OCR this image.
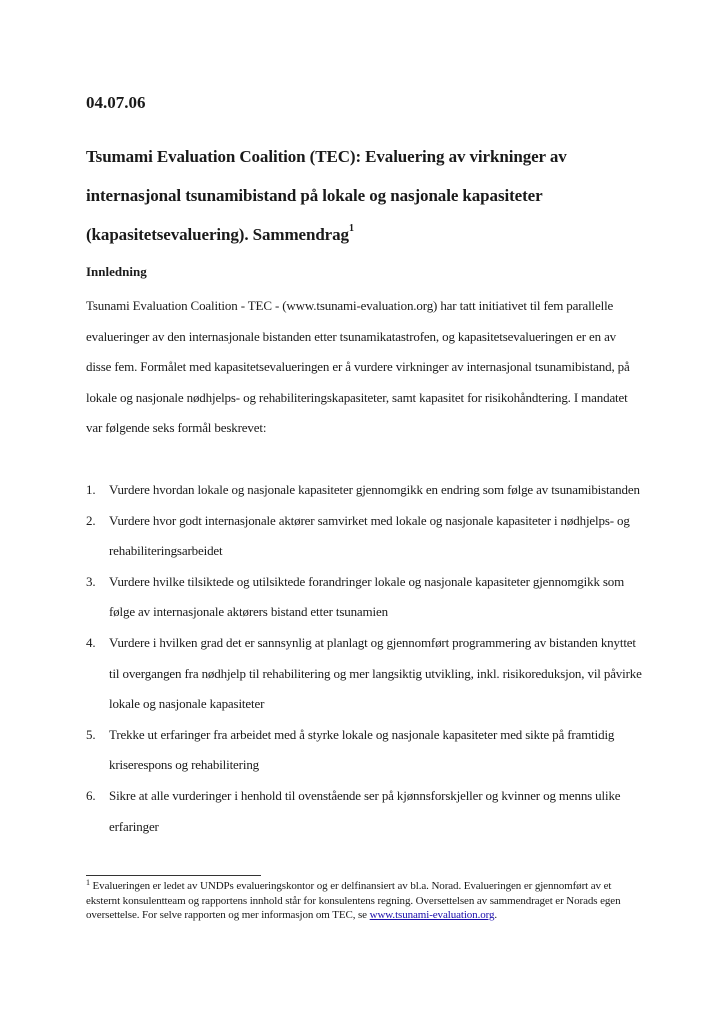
04.07.06
Tsumami Evaluation Coalition (TEC): Evaluering av virkninger av internasjonal tsunamibistand på lokale og nasjonale kapasiteter (kapasitetsevaluering). Sammendrag$^1$
Innledning

Tsunami Evaluation Coalition - TEC - (www.tsunami-evaluation.org) har tatt initiativet til fem parallelle evalueringer av den internasjonale bistanden etter tsunamikatastrofen, og kapasitetsevalueringen er en av disse fem. Formålet med kapasitetsevalueringen er å vurdere virkninger av internasjonal tsunamibistand, på lokale og nasjonale nødhjelps- og rehabiliteringskapasiteter, samt kapasitet for risikohåndtering. I mandatet var følgende seks formål beskrevet:

1. Vurdere hvordan lokale og nasjonale kapasiteter gjennomgikk en endring som følge av tsunamibistanden
2. Vurdere hvor godt internasjonale aktører samvirket med lokale og nasjonale kapasiteter i nødhjelps- og rehabiliteringsarbeidet
3. Vurdere hvilke tilsiktede og utilsiktede forandringer lokale og nasjonale kapasiteter gjennomgikk som følge av internasjonale aktørers bistand etter tsunamien
4. Vurdere i hvilken grad det er sannsynlig at planlagt og gjennomført programmering av bistanden knyttet til overgangen fra nødhjelp til rehabilitering og mer langsiktig utvikling, inkl. risikoreduksjon, vil påvirke lokale og nasjonale kapasiteter
5. Trekke ut erfaringer fra arbeidet med å styrke lokale og nasjonale kapasiteter med sikte på framtidig kriserespons og rehabilitering
6. Sikre at alle vurderinger i henhold til ovenstående ser på kjønnsforskjeller og kvinner og menns ulike erfaringer
$^1$ Evalueringen er ledet av UNDPs evalueringskontor og er delfinansiert av bl.a. Norad. Evalueringen er gjennomført av et eksternt konsulentteam og rapportens innhold står for konsulentens regning. Oversettelsen av sammendraget er Norads egen oversettelse. For selve rapporten og mer informasjon om TEC, se www.tsunami-evaluation.org.
